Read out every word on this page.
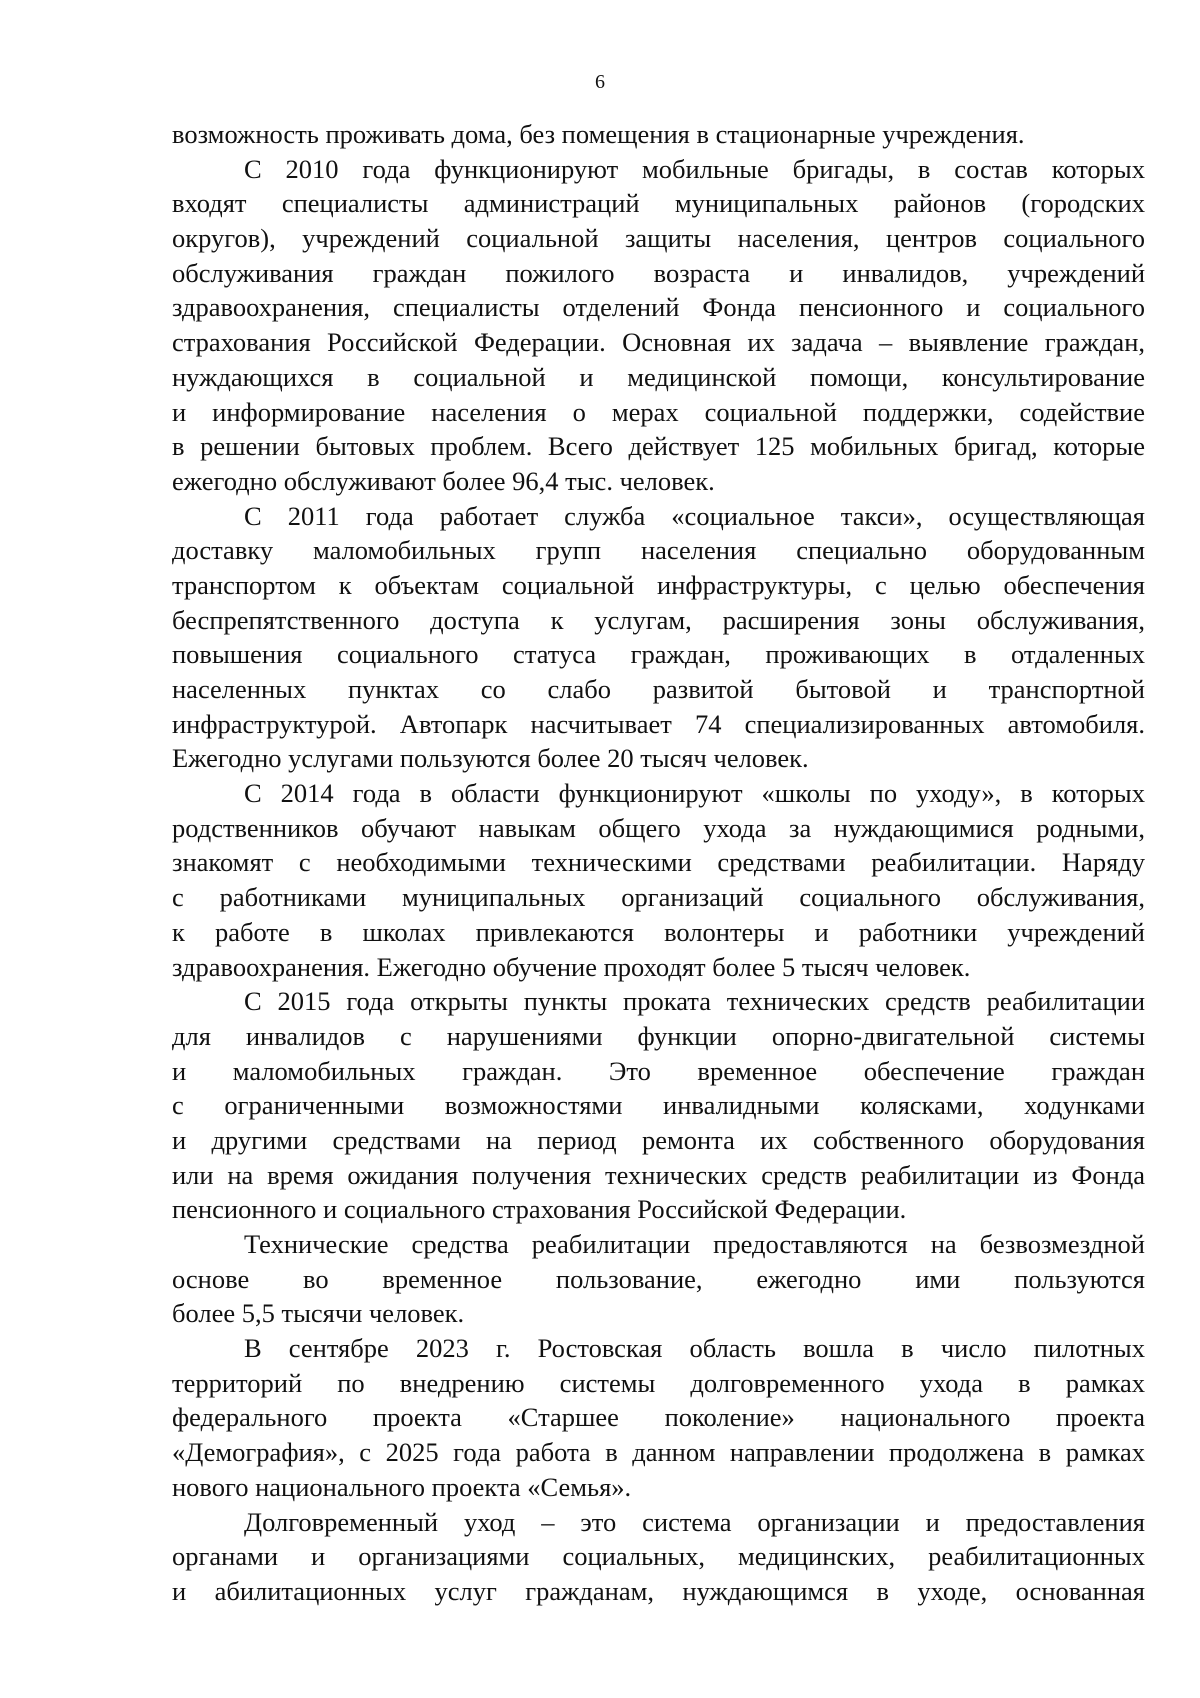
6
возможность проживать дома, без помещения в стационарные учреждения.
С 2010 года функционируют мобильные бригады, в состав которых
входят специалисты администраций муниципальных районов (городских
округов), учреждений социальной защиты населения, центров социального
обслуживания граждан пожилого возраста и инвалидов, учреждений
здравоохранения, специалисты отделений Фонда пенсионного и социального
страхования Российской Федерации. Основная их задача – выявление граждан,
нуждающихся в социальной и медицинской помощи, консультирование
и информирование населения о мерах социальной поддержки, содействие
в решении бытовых проблем. Всего действует 125 мобильных бригад, которые
ежегодно обслуживают более 96,4 тыс. человек.
С 2011 года работает служба «социальное такси», осуществляющая
доставку маломобильных групп населения специально оборудованным
транспортом к объектам социальной инфраструктуры, с целью обеспечения
беспрепятственного доступа к услугам, расширения зоны обслуживания,
повышения социального статуса граждан, проживающих в отдаленных
населенных пунктах со слабо развитой бытовой и транспортной
инфраструктурой. Автопарк насчитывает 74 специализированных автомобиля.
Ежегодно услугами пользуются более 20 тысяч человек.
С 2014 года в области функционируют «школы по уходу», в которых
родственников обучают навыкам общего ухода за нуждающимися родными,
знакомят с необходимыми техническими средствами реабилитации. Наряду
с работниками муниципальных организаций социального обслуживания,
к работе в школах привлекаются волонтеры и работники учреждений
здравоохранения. Ежегодно обучение проходят более 5 тысяч человек.
С 2015 года открыты пункты проката технических средств реабилитации
для инвалидов с нарушениями функции опорно-двигательной системы
и маломобильных граждан. Это временное обеспечение граждан
с ограниченными возможностями инвалидными колясками, ходунками
и другими средствами на период ремонта их собственного оборудования
или на время ожидания получения технических средств реабилитации из Фонда
пенсионного и социального страхования Российской Федерации.
Технические средства реабилитации предоставляются на безвозмездной
основе во временное пользование, ежегодно ими пользуются
более 5,5 тысячи человек.
В сентябре 2023 г. Ростовская область вошла в число пилотных
территорий по внедрению системы долговременного ухода в рамках
федерального проекта «Старшее поколение» национального проекта
«Демография», с 2025 года работа в данном направлении продолжена в рамках
нового национального проекта «Семья».
Долговременный уход – это система организации и предоставления
органами и организациями социальных, медицинских, реабилитационных
и абилитационных услуг гражданам, нуждающимся в уходе, основанная
